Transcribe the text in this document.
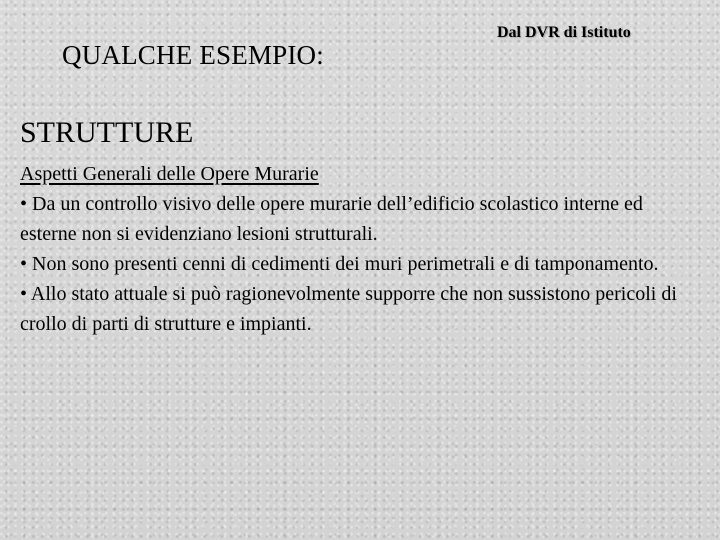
QUALCHE ESEMPIO:
Dal DVR di Istituto
STRUTTURE
Aspetti Generali delle Opere Murarie
• Da un controllo visivo delle opere murarie dell’edificio scolastico interne ed esterne non si evidenziano lesioni strutturali.
• Non sono presenti cenni di cedimenti dei muri perimetrali e di tamponamento.
• Allo stato attuale si può ragionevolmente supporre che non sussistono pericoli di crollo di parti di strutture e impianti.
